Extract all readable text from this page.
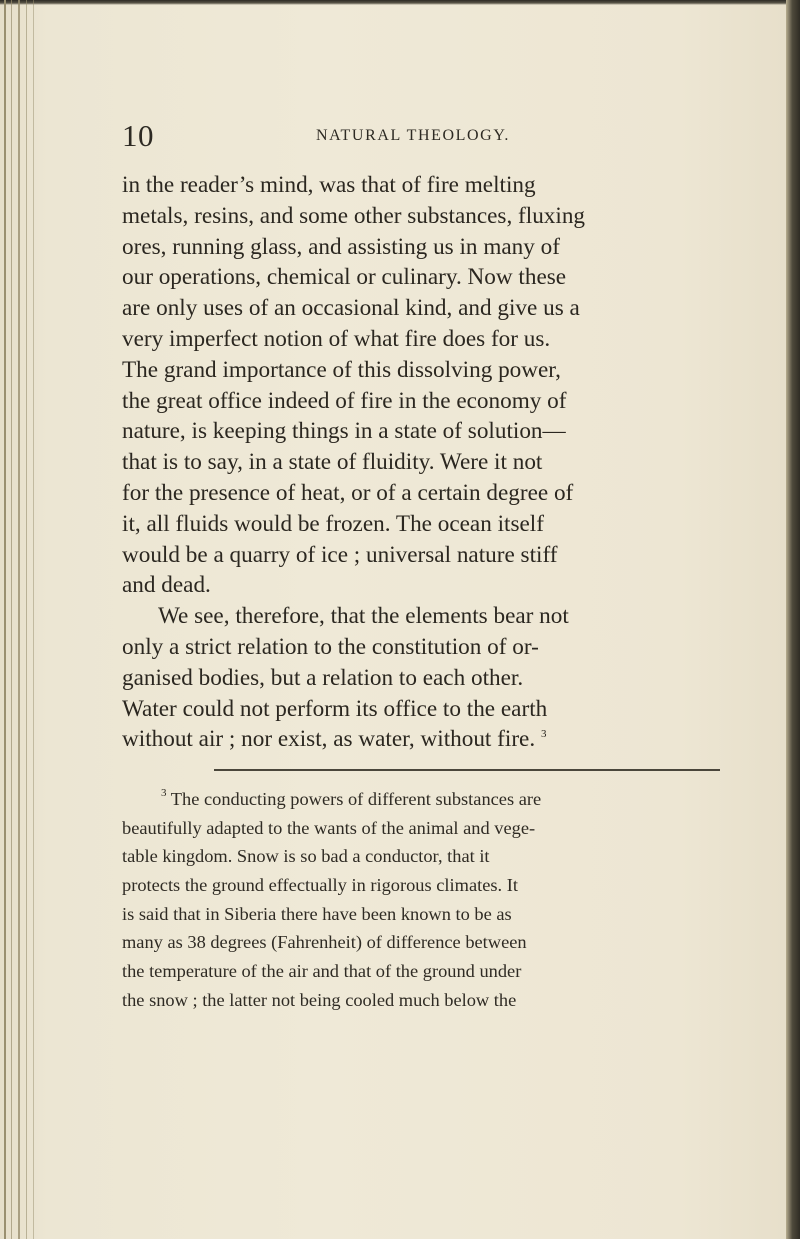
10	NATURAL THEOLOGY.
in the reader’s mind, was that of fire melting
metals, resins, and some other substances, fluxing
ores, running glass, and assisting us in many of
our operations, chemical or culinary. Now these
are only uses of an occasional kind, and give us a
very imperfect notion of what fire does for us.
The grand importance of this dissolving power,
the great office indeed of fire in the economy of
nature, is keeping things in a state of solution—
that is to say, in a state of fluidity. Were it not
for the presence of heat, or of a certain degree of
it, all fluids would be frozen. The ocean itself
would be a quarry of ice ; universal nature stiff
and dead.
We see, therefore, that the elements bear not
only a strict relation to the constitution of or-
ganised bodies, but a relation to each other.
Water could not perform its office to the earth
without air ; nor exist, as water, without fire. $^3$
$^3$ The conducting powers of different substances are
beautifully adapted to the wants of the animal and vege-
table kingdom. Snow is so bad a conductor, that it
protects the ground effectually in rigorous climates. It
is said that in Siberia there have been known to be as
many as 38 degrees (Fahrenheit) of difference between
the temperature of the air and that of the ground under
the snow ; the latter not being cooled much below the
